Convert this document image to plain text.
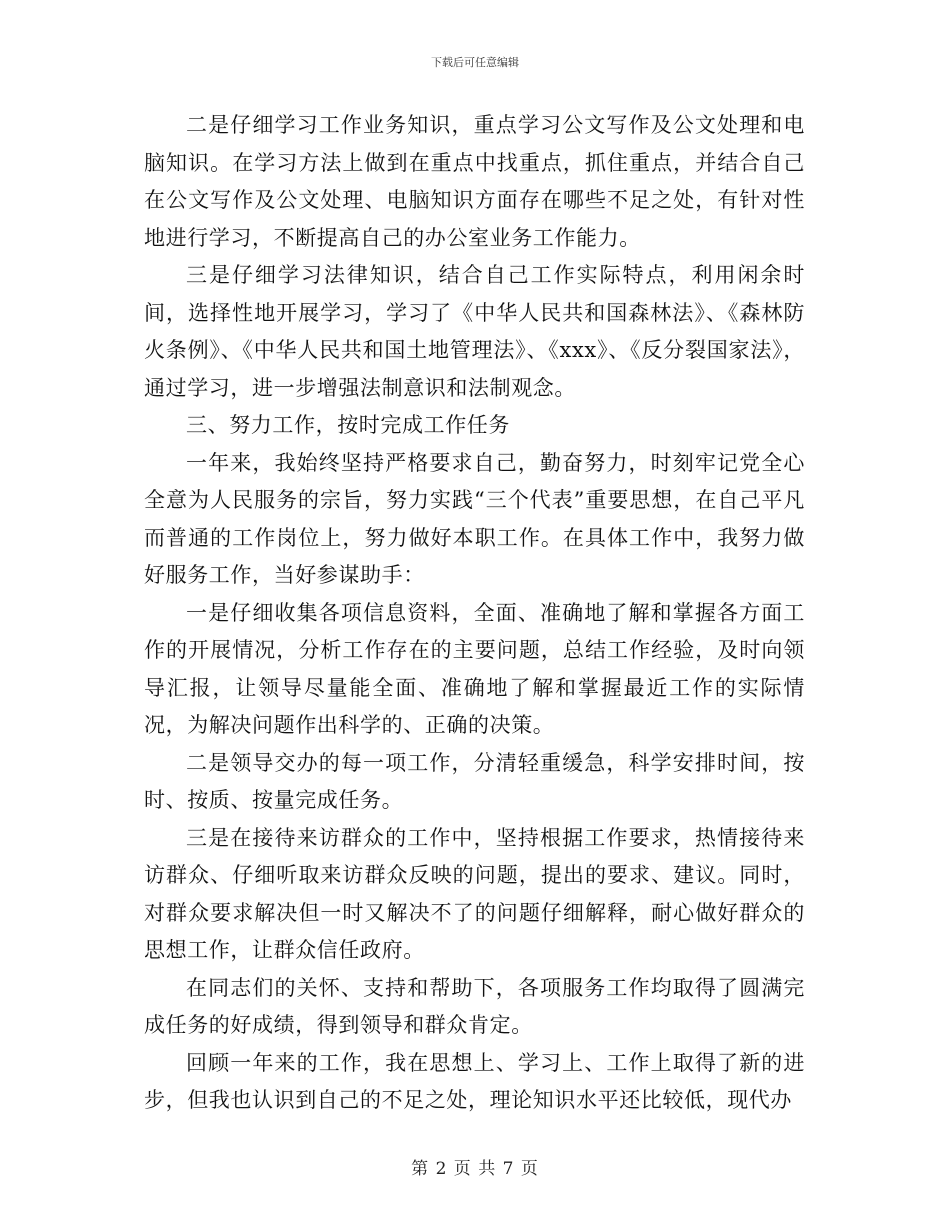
下载后可任意编辑

二是仔细学习工作业务知识，重点学习公文写作及公文处理和电脑知识。在学习方法上做到在重点中找重点，抓住重点，并结合自己在公文写作及公文处理、电脑知识方面存在哪些不足之处，有针对性地进行学习，不断提高自己的办公室业务工作能力。

三是仔细学习法律知识，结合自己工作实际特点，利用闲余时间，选择性地开展学习，学习了《中华人民共和国森林法》、《森林防火条例》、《中华人民共和国土地管理法》、《xxx》、《反分裂国家法》，通过学习，进一步增强法制意识和法制观念。

三、努力工作，按时完成工作任务

一年来，我始终坚持严格要求自己，勤奋努力，时刻牢记党全心全意为人民服务的宗旨，努力实践“三个代表”重要思想，在自己平凡而普通的工作岗位上，努力做好本职工作。在具体工作中，我努力做好服务工作，当好参谋助手：

一是仔细收集各项信息资料，全面、准确地了解和掌握各方面工作的开展情况，分析工作存在的主要问题，总结工作经验，及时向领导汇报，让领导尽量能全面、准确地了解和掌握最近工作的实际情况，为解决问题作出科学的、正确的决策。

二是领导交办的每一项工作，分清轻重缓急，科学安排时间，按时、按质、按量完成任务。

三是在接待来访群众的工作中，坚持根据工作要求，热情接待来访群众、仔细听取来访群众反映的问题，提出的要求、建议。同时，对群众要求解决但一时又解决不了的问题仔细解释，耐心做好群众的思想工作，让群众信任政府。

在同志们的关怀、支持和帮助下，各项服务工作均取得了圆满完成任务的好成绩，得到领导和群众肯定。

回顾一年来的工作，我在思想上、学习上、工作上取得了新的进步，但我也认识到自己的不足之处，理论知识水平还比较低，现代办

第 2 页 共 7 页
